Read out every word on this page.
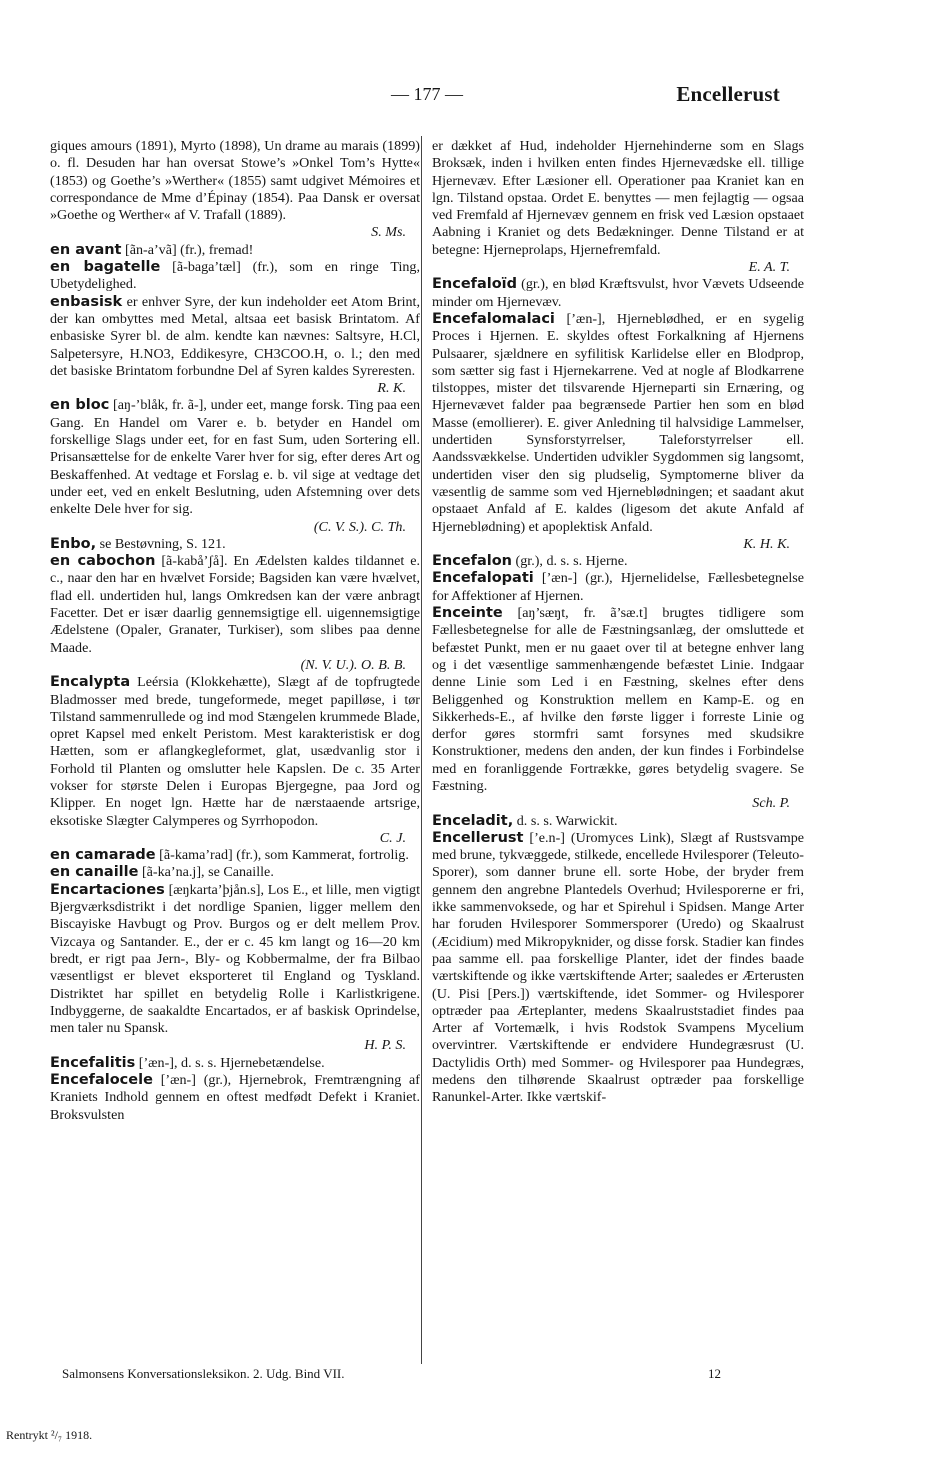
— 177 —	Encellerust

giques amours (1891), Myrto (1898), Un drame au marais (1899) o. fl. Desuden har han oversat Stowe’s »Onkel Tom’s Hytte« (1853) og Goethe’s »Werther« (1855) samt udgivet Mémoires et correspondance de Mme d’Épinay (1854). Paa Dansk er oversat »Goethe og Werther« af V. Trafall (1889).
S. Ms.

en avant [ãn-a’vã] (fr.), fremad!

en bagatelle [ã-baga’tæl] (fr.), som en ringe Ting, Ubetydelighed.

enbasisk er enhver Syre, der kun indeholder eet Atom Brint, der kan ombyttes med Metal, altsaa eet basisk Brintatom. Af enbasiske Syrer bl. de alm. kendte kan nævnes: Saltsyre, H.Cl, Salpetersyre, H.NO3, Eddikesyre, CH3COO.H, o. l.; den med det basiske Brintatom forbundne Del af Syren kaldes Syreresten.
R. K.

en bloc [aŋ-’blåk, fr. ã-], under eet, mange forsk. Ting paa een Gang. En Handel om Varer e. b. betyder en Handel om forskellige Slags under eet, for en fast Sum, uden Sortering ell. Prisansættelse for de enkelte Varer hver for sig, efter deres Art og Beskaffenhed. At vedtage et Forslag e. b. vil sige at vedtage det under eet, ved en enkelt Beslutning, uden Afstemning over dets enkelte Dele hver for sig.
(C. V. S.). C. Th.

Enbo, se Bestøvning, S. 121.

en cabochon [ã-kabå’ʃå]. En Ædelsten kaldes tildannet e. c., naar den har en hvælvet Forside; Bagsiden kan være hvælvet, flad ell. undertiden hul, langs Omkredsen kan der være anbragt Facetter. Det er især daarlig gennemsigtige ell. uigennemsigtige Ædelstene (Opaler, Granater, Turkiser), som slibes paa denne Maade.
(N. V. U.). O. B. B.

Encalypta Leérsia (Klokkehætte), Slægt af de topfrugtede Bladmosser med brede, tungeformede, meget papilløse, i tør Tilstand sammenrullede og ind mod Stængelen krummede Blade, opret Kapsel med enkelt Peristom. Mest karakteristisk er dog Hætten, som er aflangkegleformet, glat, usædvanlig stor i Forhold til Planten og omslutter hele Kapslen. De c. 35 Arter vokser for største Delen i Europas Bjergegne, paa Jord og Klipper. En noget lgn. Hætte har de nærstaaende artsrige, eksotiske Slægter Calymperes og Syrrhopodon.
C. J.

en camarade [ã-kama’rad] (fr.), som Kammerat, fortrolig.

en canaille [ã-ka’na.j], se Canaille.

Encartaciones [æŋkarta’þjån.s], Los E., et lille, men vigtigt Bjergværksdistrikt i det nordlige Spanien, ligger mellem den Biscayiske Havbugt og Prov. Burgos og er delt mellem Prov. Vizcaya og Santander. E., der er c. 45 km langt og 16—20 km bredt, er rigt paa Jern-, Bly- og Kobbermalme, der fra Bilbao væsentligst er blevet eksporteret til England og Tyskland. Distriktet har spillet en betydelig Rolle i Karlistkrigene. Indbyggerne, de saakaldte Encartados, er af baskisk Oprindelse, men taler nu Spansk.
H. P. S.

Encefalitis [’æn-], d. s. s. Hjernebetændelse.

Encefalocele [’æn-] (gr.), Hjernebrok, Fremtrængning af Kraniets Indhold gennem en oftest medfødt Defekt i Kraniet. Broksvulsten

er dækket af Hud, indeholder Hjernehinderne som en Slags Broksæk, inden i hvilken enten findes Hjernevædske ell. tillige Hjernevæv. Efter Læsioner ell. Operationer paa Kraniet kan en lgn. Tilstand opstaa. Ordet E. benyttes — men fejlagtig — ogsaa ved Fremfald af Hjernevæv gennem en frisk ved Læsion opstaaet Aabning i Kraniet og dets Bedækninger. Denne Tilstand er at betegne: Hjerneprolaps, Hjernefremfald.
E. A. T.

Encefaloïd (gr.), en blød Kræftsvulst, hvor Vævets Udseende minder om Hjernevæv.

Encefalomalaci [’æn-], Hjerneblødhed, er en sygelig Proces i Hjernen. E. skyldes oftest Forkalkning af Hjernens Pulsaarer, sjældnere en syfilitisk Karlidelse eller en Blodprop, som sætter sig fast i Hjernekarrene. Ved at nogle af Blodkarrene tilstoppes, mister det tilsvarende Hjerneparti sin Ernæring, og Hjernevævet falder paa begrænsede Partier hen som en blød Masse (emollierer). E. giver Anledning til halvsidige Lammelser, undertiden Synsforstyrrelser, Taleforstyrrelser ell. Aandssvækkelse. Undertiden udvikler Sygdommen sig langsomt, undertiden viser den sig pludselig, Symptomerne bliver da væsentlig de samme som ved Hjerneblødningen; et saadant akut opstaaet Anfald af E. kaldes (ligesom det akute Anfald af Hjerneblødning) et apoplektisk Anfald.
K. H. K.

Encefalon (gr.), d. s. s. Hjerne.

Encefalopati [’æn-] (gr.), Hjernelidelse, Fællesbetegnelse for Affektioner af Hjernen.

Enceinte [aŋ’sæŋt, fr. ã’sæ.t] brugtes tidligere som Fællesbetegnelse for alle de Fæstningsanlæg, der omsluttede et befæstet Punkt, men er nu gaaet over til at betegne enhver lang og i det væsentlige sammenhængende befæstet Linie. Indgaar denne Linie som Led i en Fæstning, skelnes efter dens Beliggenhed og Konstruktion mellem en Kamp-E. og en Sikkerheds-E., af hvilke den første ligger i forreste Linie og derfor gøres stormfri samt forsynes med skudsikre Konstruktioner, medens den anden, der kun findes i Forbindelse med en foranliggende Fortrække, gøres betydelig svagere. Se Fæstning.
Sch. P.

Enceladit, d. s. s. Warwickit.

Encellerust [’e.n-] (Uromyces Link), Slægt af Rustsvampe med brune, tykvæggede, stilkede, encellede Hvilesporer (Teleuto-Sporer), som danner brune ell. sorte Hobe, der bryder frem gennem den angrebne Plantedels Overhud; Hvilesporerne er fri, ikke sammenvoksede, og har et Spirehul i Spidsen. Mange Arter har foruden Hvilesporer Sommersporer (Uredo) og Skaalrust (Æcidium) med Mikropyknider, og disse forsk. Stadier kan findes paa samme ell. paa forskellige Planter, idet der findes baade værtskiftende og ikke værtskiftende Arter; saaledes er Ærterusten (U. Pisi [Pers.]) værtskiftende, idet Sommer- og Hvilesporer optræder paa Ærteplanter, medens Skaalruststadiet findes paa Arter af Vortemælk, i hvis Rodstok Svampens Mycelium overvintrer. Værtskiftende er endvidere Hundegræsrust (U. Dactylidis Orth) med Sommer- og Hvilesporer paa Hundegræs, medens den tilhørende Skaalrust optræder paa forskellige Ranunkel-Arter. Ikke værtskif-

Salmonsens Konversationsleksikon. 2. Udg. Bind VII.	12
Rentrykt ²/₇ 1918.
